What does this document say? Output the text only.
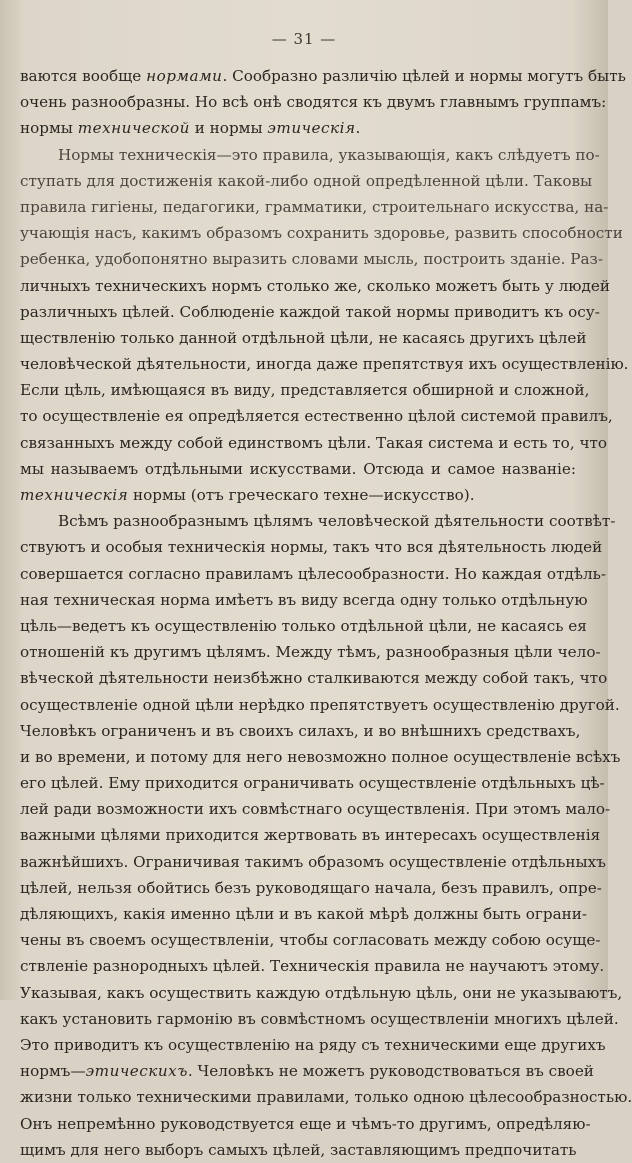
— 31 —
ваются вообще нормами. Сообразно различію цѣлей и нормы могутъ быть
очень разнообразны. Но всѣ онѣ сводятся къ двумъ главнымъ группамъ:
нормы технической и нормы этическія.
Нормы техническія—это правила, указывающія, какъ слѣдуетъ по-
ступать для достиженія какой-либо одной опредѣленной цѣли. Таковы
правила гигіены, педагогики, грамматики, строительнаго искусства, на-
учающія насъ, какимъ образомъ сохранить здоровье, развить способности
ребенка, удобопонятно выразить словами мысль, построить зданіе. Раз-
личныхъ техническихъ нормъ столько же, сколько можетъ быть у людей
различныхъ цѣлей. Соблюденіе каждой такой нормы приводитъ къ осу-
ществленію только данной отдѣльной цѣли, не касаясь другихъ цѣлей
человѣческой дѣятельности, иногда даже препятствуя ихъ осуществленію.
Если цѣль, имѣющаяся въ виду, представляется обширной и сложной,
то осуществленіе ея опредѣляется естественно цѣлой системой правилъ,
связанныхъ между собой единствомъ цѣли. Такая система и есть то, что
мы называемъ отдѣльными искусствами. Отсюда и самое названіе:
техническія нормы (отъ греческаго техне—искусство).
Всѣмъ разнообразнымъ цѣлямъ человѣческой дѣятельности соотвѣт-
ствуютъ и особыя техническія нормы, такъ что вся дѣятельность людей
совершается согласно правиламъ цѣлесообразности. Но каждая отдѣль-
ная техническая норма имѣетъ въ виду всегда одну только отдѣльную
цѣль—ведетъ къ осуществленію только отдѣльной цѣли, не касаясь ея
отношеній къ другимъ цѣлямъ. Между тѣмъ, разнообразныя цѣли чело-
вѣческой дѣятельности неизбѣжно сталкиваются между собой такъ, что
осуществленіе одной цѣли нерѣдко препятствуетъ осуществленію другой.
Человѣкъ ограниченъ и въ своихъ силахъ, и во внѣшнихъ средствахъ,
и во времени, и потому для него невозможно полное осуществленіе всѣхъ
его цѣлей. Ему приходится ограничивать осуществленіе отдѣльныхъ цѣ-
лей ради возможности ихъ совмѣстнаго осуществленія. При этомъ мало-
важными цѣлями приходится жертвовать въ интересахъ осуществленія
важнѣйшихъ. Ограничивая такимъ образомъ осуществленіе отдѣльныхъ
цѣлей, нельзя обойтись безъ руководящаго начала, безъ правилъ, опре-
дѣляющихъ, какія именно цѣли и въ какой мѣрѣ должны быть ограни-
чены въ своемъ осуществленіи, чтобы согласовать между собою осуще-
ствленіе разнородныхъ цѣлей. Техническія правила не научаютъ этому.
Указывая, какъ осуществить каждую отдѣльную цѣль, они не указываютъ,
какъ установить гармонію въ совмѣстномъ осуществленіи многихъ цѣлей.
Это приводитъ къ осуществленію на ряду съ техническими еще другихъ
нормъ—этическихъ. Человѣкъ не можетъ руководствоваться въ своей
жизни только техническими правилами, только одною цѣлесообразностью.
Онъ непремѣнно руководствуется еще и чѣмъ-то другимъ, опредѣляю-
щимъ для него выборъ самыхъ цѣлей, заставляющимъ предпочитать
